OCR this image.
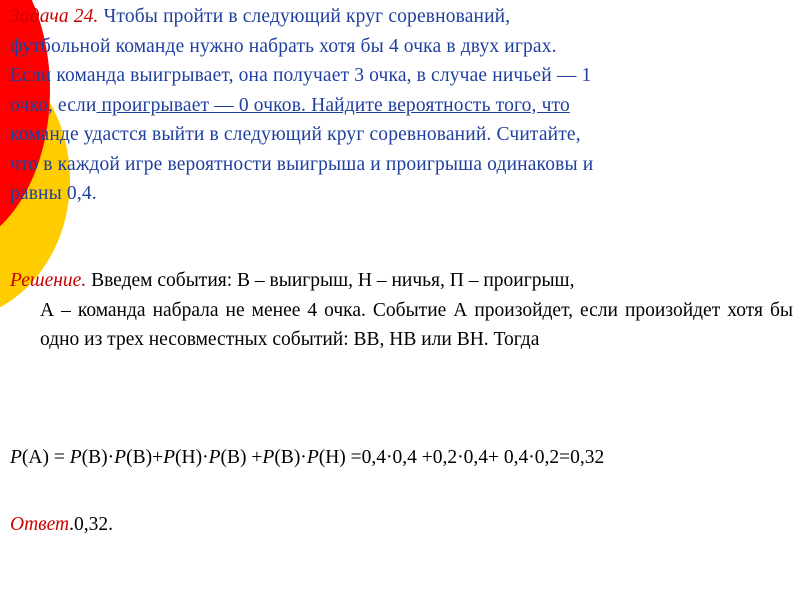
Задача 24. Чтобы пройти в следующий круг соревнований,
футбольной команде нужно набрать хотя бы 4 очка в двух играх.
Если команда выигрывает, она получает 3 очка, в случае ничьей — 1
очко, если проигрывает — 0 очков. Найдите вероятность того, что
команде удастся выйти в следующий круг соревнований. Считайте,
что в каждой игре вероятности выигрыша и проигрыша одинаковы и
равны 0,4.

Решение. Введем события: В – выигрыш, Н – ничья, П – проигрыш,
А – команда набрала не менее 4 очка. Событие А произойдет, если произойдет хотя бы одно из трех несовместных событий: ВВ, НВ или ВН. Тогда

P(А) = P(В)·P(В)+P(Н)·P(В) +P(В)·P(Н) =0,4·0,4 +0,2·0,4+ 0,4·0,2=0,32

Ответ.0,32.
